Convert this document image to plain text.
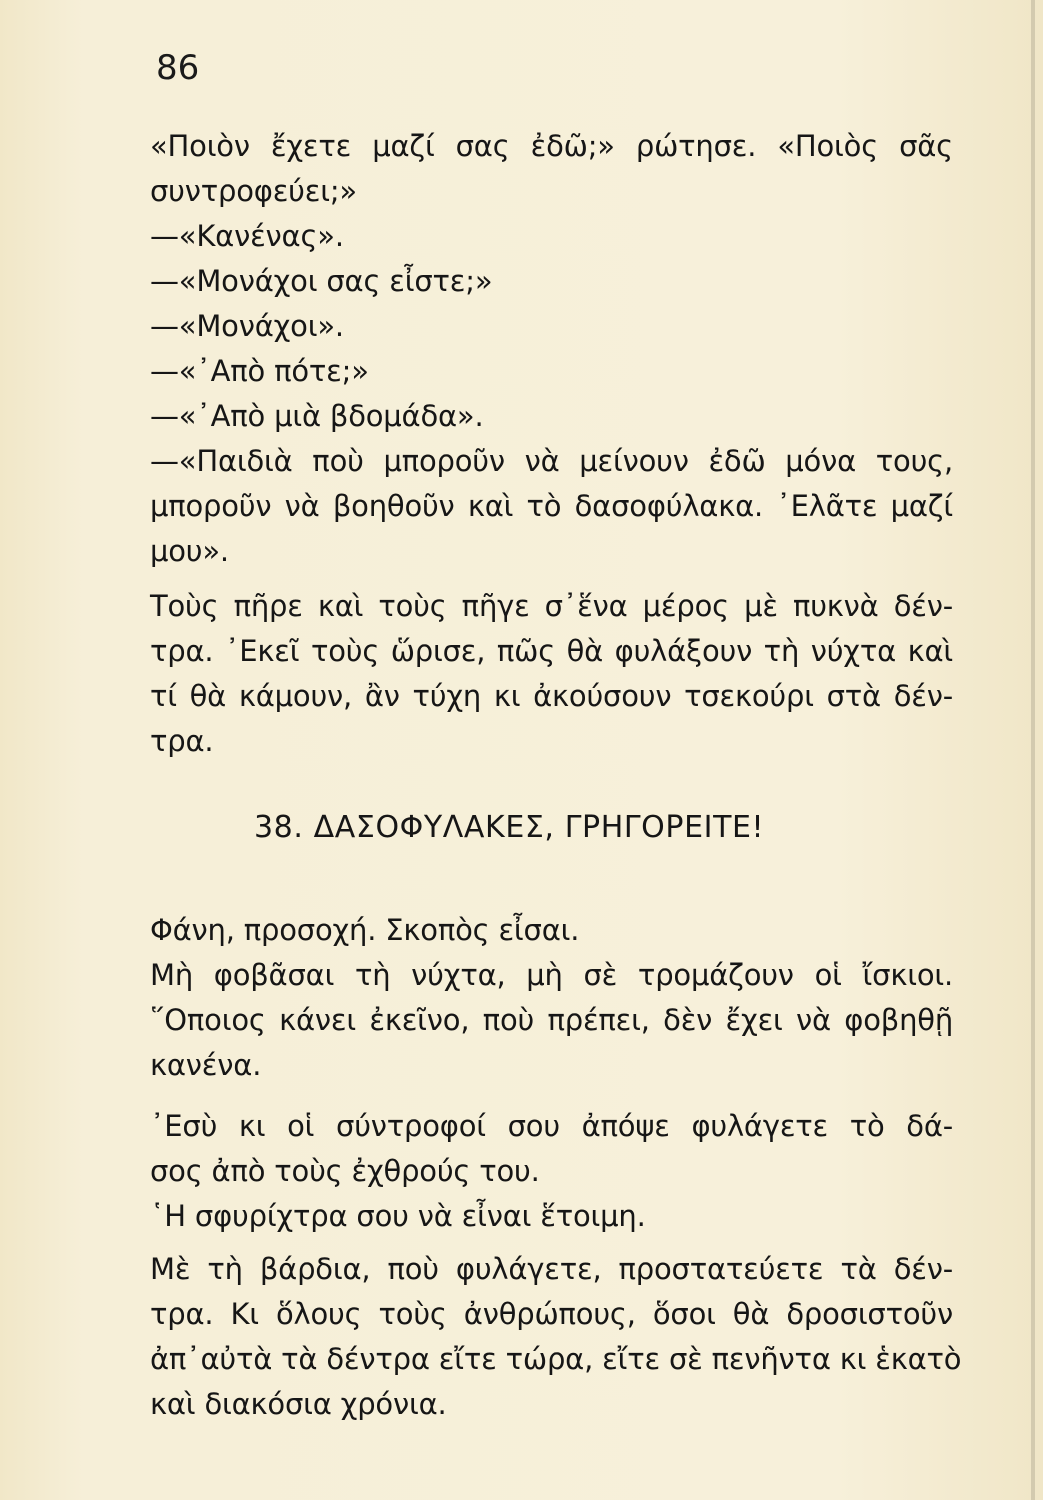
86

«Ποιὸν ἔχετε μαζί σας ἐδῶ;» ρώτησε. «Ποιὸς σᾶς
συντροφεύει;»
—«Κανένας».
—«Μονάχοι σας εἶστε;»
—«Μονάχοι».
—«᾿Απὸ πότε;»
—«᾿Απὸ μιὰ βδομάδα».
—«Παιδιὰ ποὺ μποροῦν νὰ μείνουν ἐδῶ μόνα τους,
μποροῦν νὰ βοηθοῦν καὶ τὸ δασοφύλακα. ᾿Ελᾶτε μαζί
μου».
Τοὺς πῆρε καὶ τοὺς πῆγε σ᾿ἕνα μέρος μὲ πυκνὰ δέν-
τρα. ᾿Εκεῖ τοὺς ὥρισε, πῶς θὰ φυλάξουν τὴ νύχτα καὶ
τί θὰ κάμουν, ἂν τύχη κι ἀκούσουν τσεκούρι στὰ δέν-
τρα.
38. ΔΑΣΟΦΥΛΑΚΕΣ, ΓΡΗΓΟΡΕΙΤΕ!
Φάνη, προσοχή. Σκοπὸς εἶσαι.
Μὴ φοβᾶσαι τὴ νύχτα, μὴ σὲ τρομάζουν οἱ ἴσκιοι.
῞Οποιος κάνει ἐκεῖνο, ποὺ πρέπει, δὲν ἔχει νὰ φοβηθῇ
κανένα.
᾿Εσὺ κι οἱ σύντροφοί σου ἀπόψε φυλάγετε τὸ δά-
σος ἀπὸ τοὺς ἐχθρούς του.
῾Η σφυρίχτρα σου νὰ εἶναι ἕτοιμη.
Μὲ τὴ βάρδια, ποὺ φυλάγετε, προστατεύετε τὰ δέν-
τρα. Κι ὅλους τοὺς ἀνθρώπους, ὅσοι θὰ δροσιστοῦν
ἀπ᾿αὐτὰ τὰ δέντρα εἴτε τώρα, εἴτε σὲ πενῆντα κι ἑκατὸ
καὶ διακόσια χρόνια.
